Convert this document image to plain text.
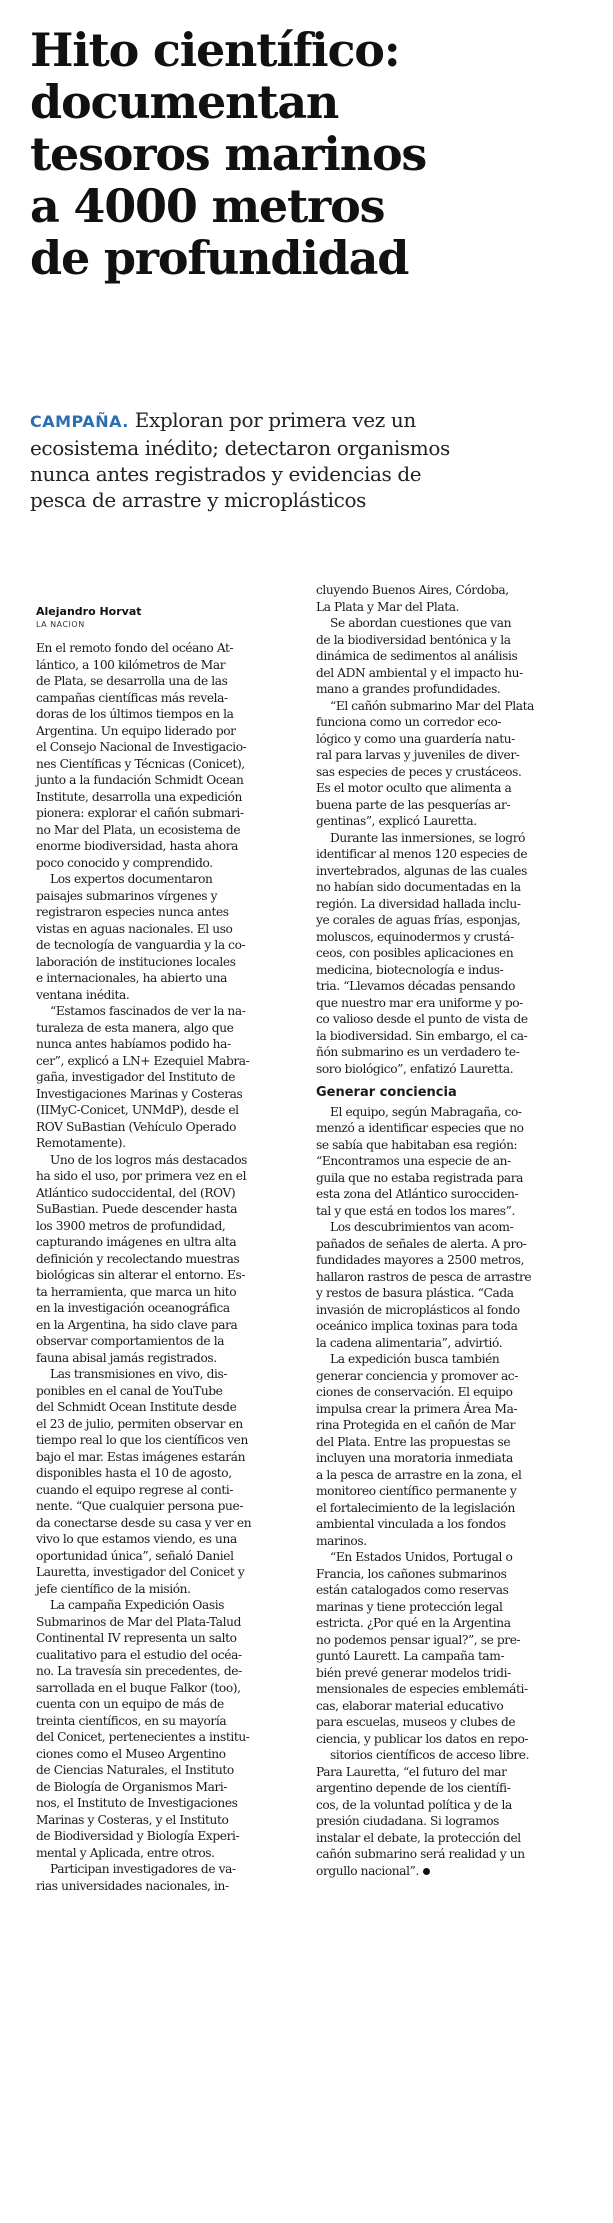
Hito científico:
documentan
tesoros marinos
a 4000 metros
de profundidad
CAMPAÑA. Exploran por primera vez un
ecosistema inédito; detectaron organismos
nunca antes registrados y evidencias de
pesca de arrastre y microplásticos
Alejandro Horvat
LA NACION
En el remoto fondo del océano At-
lántico, a 100 kilómetros de Mar
de Plata, se desarrolla una de las
campañas científicas más revela-
doras de los últimos tiempos en la
Argentina. Un equipo liderado por
el Consejo Nacional de Investigacio-
nes Científicas y Técnicas (Conicet),
junto a la fundación Schmidt Ocean
Institute, desarrolla una expedición
pionera: explorar el cañón submari-
no Mar del Plata, un ecosistema de
enorme biodiversidad, hasta ahora
poco conocido y comprendido.
Los expertos documentaron
paisajes submarinos vírgenes y
registraron especies nunca antes
vistas en aguas nacionales. El uso
de tecnología de vanguardia y la co-
laboración de instituciones locales
e internacionales, ha abierto una
ventana inédita.
“Estamos fascinados de ver la na-
turaleza de esta manera, algo que
nunca antes habíamos podido ha-
cer”, explicó a LN+ Ezequiel Mabra-
gaña, investigador del Instituto de
Investigaciones Marinas y Costeras
(IIMyC-Conicet, UNMdP), desde el
ROV SuBastian (Vehículo Operado
Remotamente).
Uno de los logros más destacados
ha sido el uso, por primera vez en el
Atlántico sudoccidental, del (ROV)
SuBastian. Puede descender hasta
los 3900 metros de profundidad,
capturando imágenes en ultra alta
definición y recolectando muestras
biológicas sin alterar el entorno. Es-
ta herramienta, que marca un hito
en la investigación oceanográfica
en la Argentina, ha sido clave para
observar comportamientos de la
fauna abisal jamás registrados.
Las transmisiones en vivo, dis-
ponibles en el canal de YouTube
del Schmidt Ocean Institute desde
el 23 de julio, permiten observar en
tiempo real lo que los científicos ven
bajo el mar. Estas imágenes estarán
disponibles hasta el 10 de agosto,
cuando el equipo regrese al conti-
nente. “Que cualquier persona pue-
da conectarse desde su casa y ver en
vivo lo que estamos viendo, es una
oportunidad única”, señaló Daniel
Lauretta, investigador del Conicet y
jefe científico de la misión.
La campaña Expedición Oasis
Submarinos de Mar del Plata-Talud
Continental IV representa un salto
cualitativo para el estudio del océa-
no. La travesía sin precedentes, de-
sarrollada en el buque Falkor (too),
cuenta con un equipo de más de
treinta científicos, en su mayoría
del Conicet, pertenecientes a institu-
ciones como el Museo Argentino
de Ciencias Naturales, el Instituto
de Biología de Organismos Mari-
nos, el Instituto de Investigaciones
Marinas y Costeras, y el Instituto
de Biodiversidad y Biología Experi-
mental y Aplicada, entre otros.
Participan investigadores de va-
rias universidades nacionales, in-
cluyendo Buenos Aires, Córdoba,
La Plata y Mar del Plata.
Se abordan cuestiones que van
de la biodiversidad bentónica y la
dinámica de sedimentos al análisis
del ADN ambiental y el impacto hu-
mano a grandes profundidades.
“El cañón submarino Mar del Plata
funciona como un corredor eco-
lógico y como una guardería natu-
ral para larvas y juveniles de diver-
sas especies de peces y crustáceos.
Es el motor oculto que alimenta a
buena parte de las pesquerías ar-
gentinas”, explicó Lauretta.
Durante las inmersiones, se logró
identificar al menos 120 especies de
invertebrados, algunas de las cuales
no habían sido documentadas en la
región. La diversidad hallada inclu-
ye corales de aguas frías, esponjas,
moluscos, equinodermos y crustá-
ceos, con posibles aplicaciones en
medicina, biotecnología e indus-
tria. “Llevamos décadas pensando
que nuestro mar era uniforme y po-
co valioso desde el punto de vista de
la biodiversidad. Sin embargo, el ca-
ñón submarino es un verdadero te-
soro biológico”, enfatizó Lauretta.
Generar conciencia
El equipo, según Mabragaña, co-
menzó a identificar especies que no
se sabía que habitaban esa región:
“Encontramos una especie de an-
guila que no estaba registrada para
esta zona del Atlántico surocciden-
tal y que está en todos los mares”.
Los descubrimientos van acom-
pañados de señales de alerta. A pro-
fundidades mayores a 2500 metros,
hallaron rastros de pesca de arrastre
y restos de basura plástica. “Cada
invasión de microplásticos al fondo
oceánico implica toxinas para toda
la cadena alimentaria”, advirtió.
La expedición busca también
generar conciencia y promover ac-
ciones de conservación. El equipo
impulsa crear la primera Área Ma-
rina Protegida en el cañón de Mar
del Plata. Entre las propuestas se
incluyen una moratoria inmediata
a la pesca de arrastre en la zona, el
monitoreo científico permanente y
el fortalecimiento de la legislación
ambiental vinculada a los fondos
marinos.
“En Estados Unidos, Portugal o
Francia, los cañones submarinos
están catalogados como reservas
marinas y tiene protección legal
estricta. ¿Por qué en la Argentina
no podemos pensar igual?”, se pre-
guntó Laurett. La campaña tam-
bién prevé generar modelos tridi-
mensionales de especies emblemáti-
cas, elaborar material educativo
para escuelas, museos y clubes de
ciencia, y publicar los datos en repo-
sitorios científicos de acceso libre.
Para Lauretta, “el futuro del mar
argentino depende de los científi-
cos, de la voluntad política y de la
presión ciudadana. Si logramos
instalar el debate, la protección del
cañón submarino será realidad y un
orgullo nacional”.
